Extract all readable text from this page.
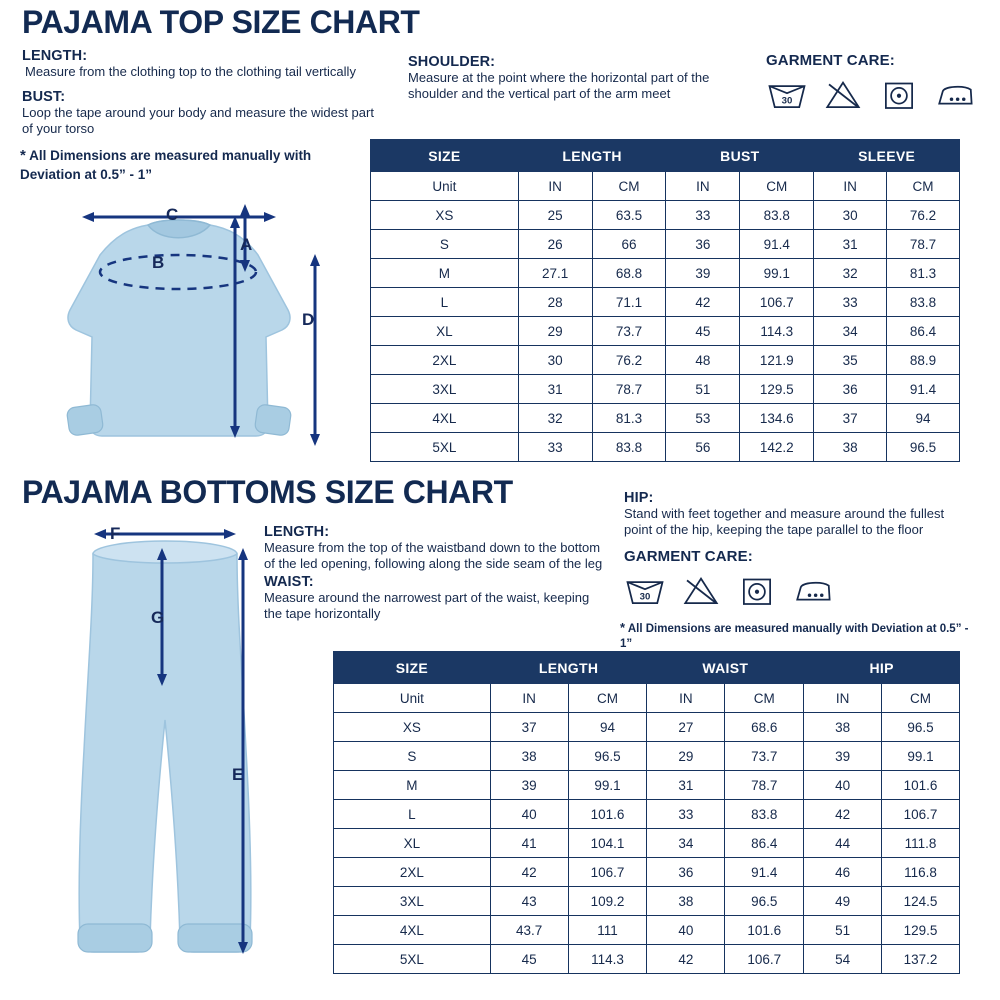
PAJAMA TOP SIZE CHART
LENGTH:
Measure from the clothing top to the clothing tail vertically
BUST:
Loop the tape around your body and measure the widest part of your torso
SHOULDER:
Measure at the point where the horizontal part of the shoulder and the vertical part of the arm meet
* All Dimensions are measured manually with Deviation at 0.5” - 1”
GARMENT CARE:
30
A
B
C
D
SIZE	LENGTH		BUST		SLEEVE	
Unit	IN	CM	IN	CM	IN	CM
XS	25	63.5	33	83.8	30	76.2
S	26	66	36	91.4	31	78.7
M	27.1	68.8	39	99.1	32	81.3
L	28	71.1	42	106.7	33	83.8
XL	29	73.7	45	114.3	34	86.4
2XL	30	76.2	48	121.9	35	88.9
3XL	31	78.7	51	129.5	36	91.4
4XL	32	81.3	53	134.6	37	94
5XL	33	83.8	56	142.2	38	96.5
PAJAMA BOTTOMS SIZE CHART
LENGTH:
Measure from the top of the waistband down to the bottom of the led opening, following along the side seam of the leg
WAIST:
Measure around the narrowest part of the waist, keeping the tape horizontally
HIP:
Stand with feet together and measure around the fullest point of the hip, keeping the tape parallel to the floor
GARMENT CARE:
30
* All Dimensions are measured manually with Deviation at 0.5” - 1”
F
G
E
SIZE	LENGTH		WAIST		HIP	
Unit	IN	CM	IN	CM	IN	CM
XS	37	94	27	68.6	38	96.5
S	38	96.5	29	73.7	39	99.1
M	39	99.1	31	78.7	40	101.6
L	40	101.6	33	83.8	42	106.7
XL	41	104.1	34	86.4	44	111.8
2XL	42	106.7	36	91.4	46	116.8
3XL	43	109.2	38	96.5	49	124.5
4XL	43.7	111	40	101.6	51	129.5
5XL	45	114.3	42	106.7	54	137.2
